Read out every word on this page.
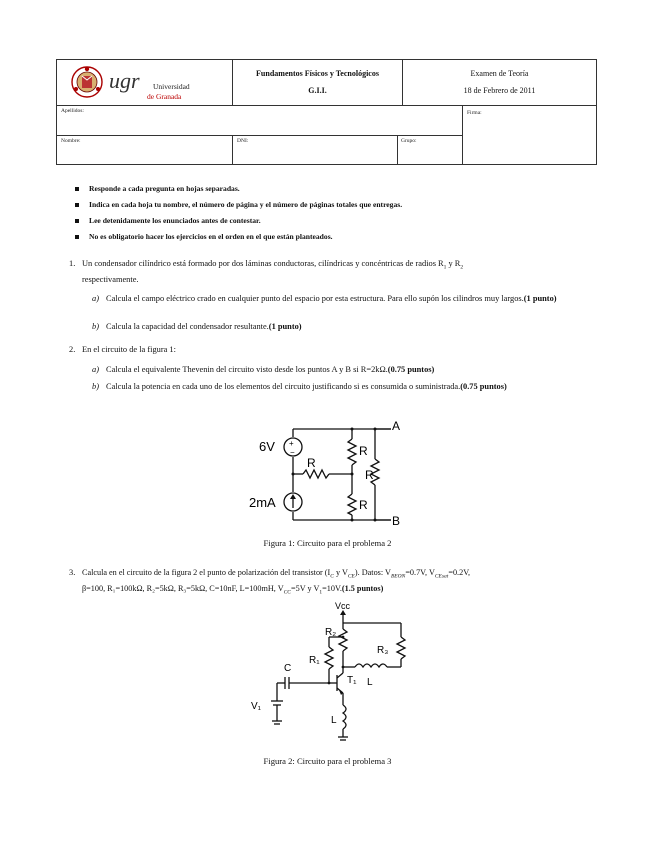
ugr Universidad
de Granada
Fundamentos Físicos y Tecnológicos
G.I.I.
Examen de Teoría
18 de Febrero de 2011
Apellidos:	Firma:
Nombre:	DNI:	Grupo:
Responde a cada pregunta en hojas separadas.
Indica en cada hoja tu nombre, el número de página y el número de páginas totales que entregas.
Lee detenidamente los enunciados antes de contestar.
No es obligatorio hacer los ejercicios en el orden en el que están planteados.
1. Un condensador cilíndrico está formado por dos láminas conductoras, cilíndricas y concéntricas de radios $R_1$ y $R_2$
respectivamente.
a) Calcula el campo eléctrico crado en cualquier punto del espacio por esta estructura. Para ello supón los cilindros muy largos.(1 punto)
b) Calcula la capacidad del condensador resultante.(1 punto)
2. En el circuito de la figura 1:
a) Calcula el equivalente Thevenin del circuito visto desde los puntos A y B si R=2kΩ.(0.75 puntos)
b) Calcula la potencia en cada uno de los elementos del circuito justificando si es consumida o suministrada.(0.75 puntos)
+
−
6V
2mA
R
R
R
R
A
B
Figura 1: Circuito para el problema 2
3. Calcula en el circuito de la figura 2 el punto de polarización del transistor ($I_C$ y $V_{CE}$). Datos: $V_{BEON}=0.7V$, $V_{CEsat}=0.2V$,
β=100, R₁=100kΩ, R₂=5kΩ, R₃=5kΩ, C=10nF, L=100mH, $V_{CC}=5V$ y $V_1=10V.(1.5$ puntos)
Vcc
R₂
R₁
R₃
C
T₁ L
L
V₁
Figura 2: Circuito para el problema 3
